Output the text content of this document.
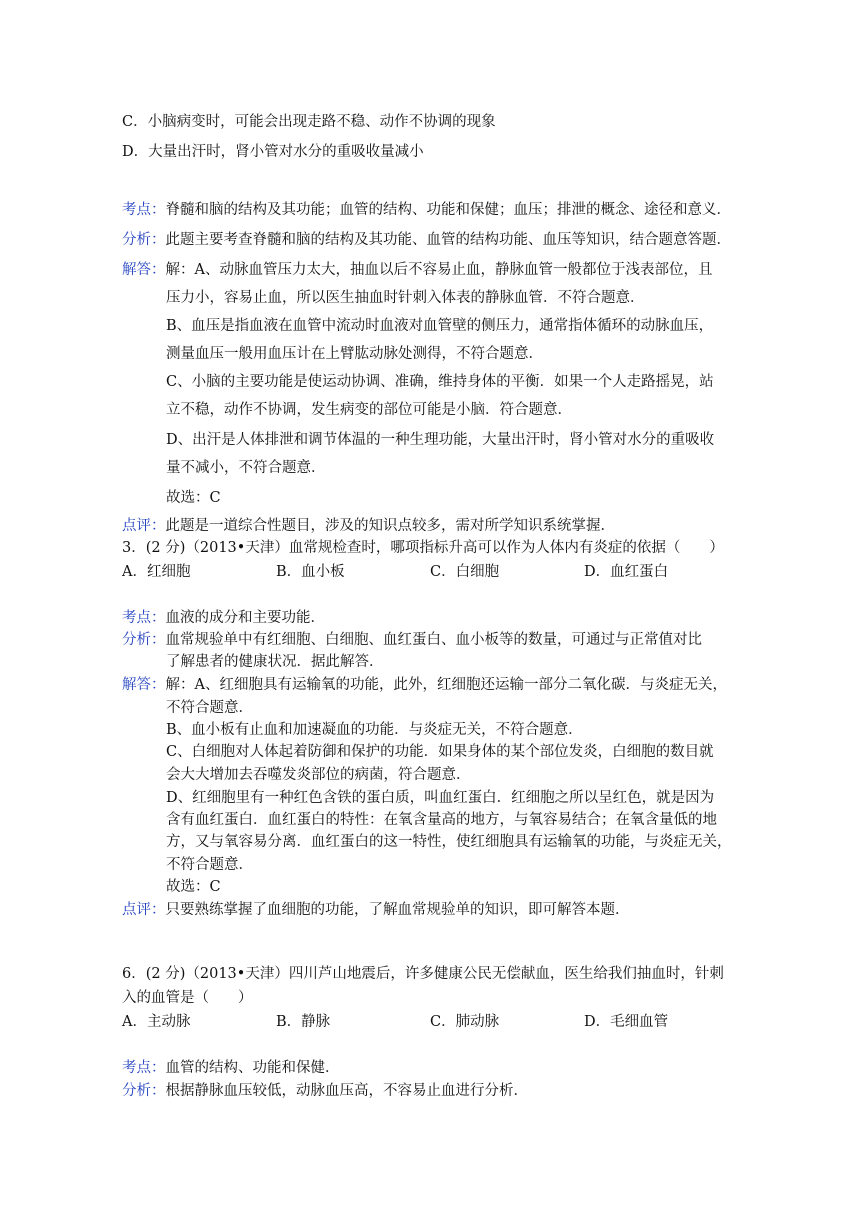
C．小脑病变时，可能会出现走路不稳、动作不协调的现象
D．大量出汗时，肾小管对水分的重吸收量减小
考点：脊髓和脑的结构及其功能；血管的结构、功能和保健；血压；排泄的概念、途径和意义．
分析：此题主要考查脊髓和脑的结构及其功能、血管的结构功能、血压等知识，结合题意答题．
解答：解：A、动脉血管压力太大，抽血以后不容易止血，静脉血管一般都位于浅表部位，且
压力小，容易止血，所以医生抽血时针刺入体表的静脉血管．不符合题意．
B、血压是指血液在血管中流动时血液对血管壁的侧压力，通常指体循环的动脉血压，
测量血压一般用血压计在上臂肱动脉处测得，不符合题意．
C、小脑的主要功能是使运动协调、准确，维持身体的平衡．如果一个人走路摇晃，站
立不稳，动作不协调，发生病变的部位可能是小脑．符合题意．
D、出汗是人体排泄和调节体温的一种生理功能，大量出汗时，肾小管对水分的重吸收
量不减小，不符合题意．
故选：C
点评：此题是一道综合性题目，涉及的知识点较多，需对所学知识系统掌握．
3．(2 分)（2013•天津）血常规检查时，哪项指标升高可以作为人体内有炎症的依据（　　）
A．红细胞	B．血小板	C．白细胞	D．血红蛋白
考点：血液的成分和主要功能．
分析：血常规验单中有红细胞、白细胞、血红蛋白、血小板等的数量，可通过与正常值对比
了解患者的健康状况．据此解答．
解答：解：A、红细胞具有运输氧的功能，此外，红细胞还运输一部分二氧化碳．与炎症无关，
不符合题意．
B、血小板有止血和加速凝血的功能．与炎症无关，不符合题意．
C、白细胞对人体起着防御和保护的功能．如果身体的某个部位发炎，白细胞的数目就
会大大增加去吞噬发炎部位的病菌，符合题意．
D、红细胞里有一种红色含铁的蛋白质，叫血红蛋白．红细胞之所以呈红色，就是因为
含有血红蛋白．血红蛋白的特性：在氧含量高的地方，与氧容易结合；在氧含量低的地
方，又与氧容易分离．血红蛋白的这一特性，使红细胞具有运输氧的功能，与炎症无关，
不符合题意．
故选：C
点评：只要熟练掌握了血细胞的功能，了解血常规验单的知识，即可解答本题．
6．(2 分)（2013•天津）四川芦山地震后，许多健康公民无偿献血，医生给我们抽血时，针刺
入的血管是（　　）
A．主动脉	B．静脉	C．肺动脉	D．毛细血管
考点：血管的结构、功能和保健．
分析：根据静脉血压较低，动脉血压高，不容易止血进行分析．
